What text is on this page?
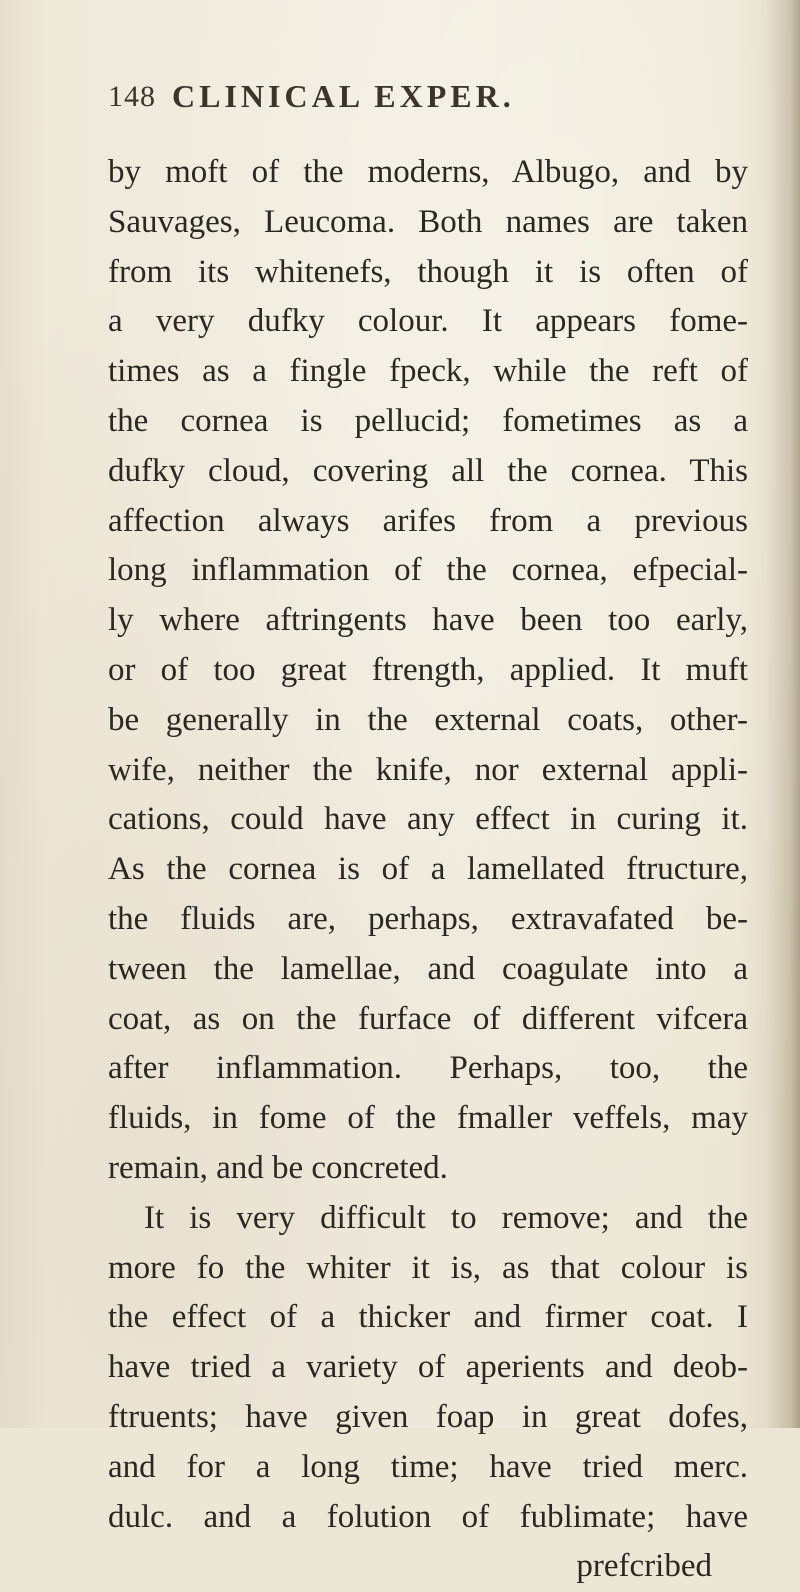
148 CLINICAL EXPER.
by moft of the moderns, Albugo, and by
Sauvages, Leucoma. Both names are taken
from its whitenefs, though it is often of
a very dufky colour. It appears fome-
times as a fingle fpeck, while the reft of
the cornea is pellucid; fometimes as a
dufky cloud, covering all the cornea. This
affection always arifes from a previous
long inflammation of the cornea, efpecial-
ly where aftringents have been too early,
or of too great ftrength, applied. It muft
be generally in the external coats, other-
wife, neither the knife, nor external appli-
cations, could have any effect in curing it.
As the cornea is of a lamellated ftructure,
the fluids are, perhaps, extravafated be-
tween the lamellae, and coagulate into a
coat, as on the furface of different vifcera
after inflammation. Perhaps, too, the
fluids, in fome of the fmaller veffels, may
remain, and be concreted.
It is very difficult to remove; and the
more fo the whiter it is, as that colour is
the effect of a thicker and firmer coat. I
have tried a variety of aperients and deob-
ftruents; have given foap in great dofes,
and for a long time; have tried merc.
dulc. and a folution of fublimate; have
prefcribed
